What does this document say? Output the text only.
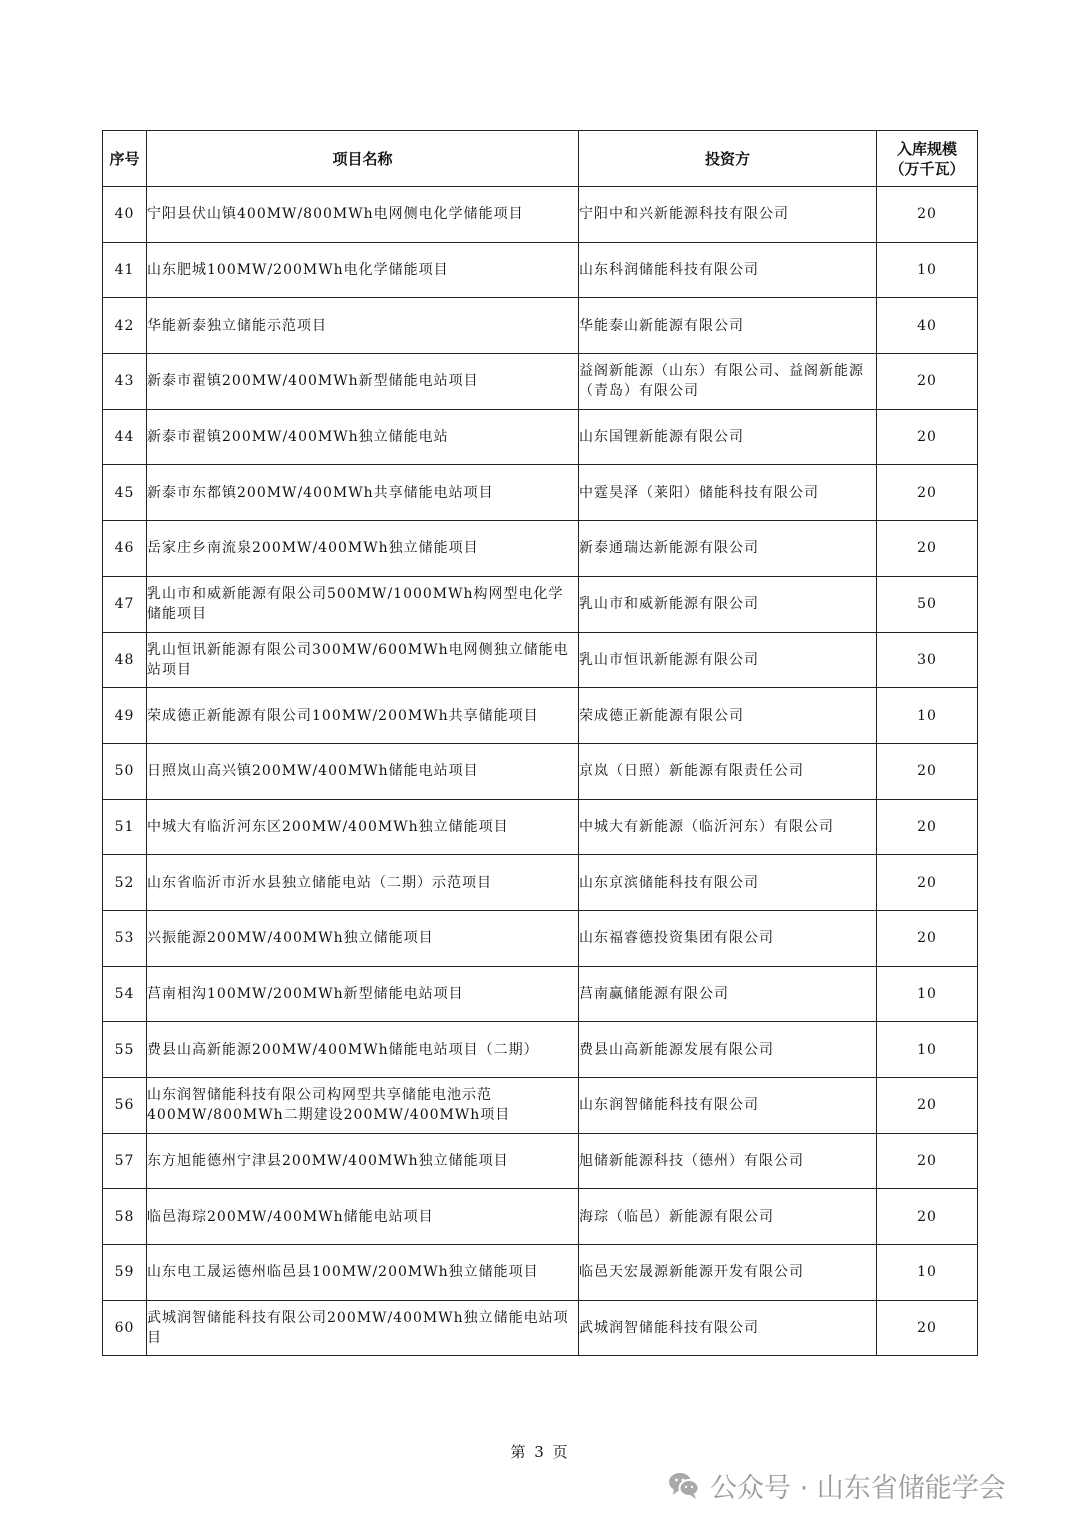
序号	项目名称	投资方	入库规模
（万千瓦）

40	宁阳县伏山镇400MW/800MWh电网侧电化学储能项目	宁阳中和兴新能源科技有限公司	20
41	山东肥城100MW/200MWh电化学储能项目	山东科润储能科技有限公司	10
42	华能新泰独立储能示范项目	华能泰山新能源有限公司	40
43	新泰市翟镇200MW/400MWh新型储能电站项目	益阁新能源（山东）有限公司、益阁新能源（青岛）有限公司	20
44	新泰市翟镇200MW/400MWh独立储能电站	山东国锂新能源有限公司	20
45	新泰市东都镇200MW/400MWh共享储能电站项目	中霆昊泽（莱阳）储能科技有限公司	20
46	岳家庄乡南流泉200MW/400MWh独立储能项目	新泰通瑞达新能源有限公司	20
47	乳山市和威新能源有限公司500MW/1000MWh构网型电化学储能项目	乳山市和威新能源有限公司	50
48	乳山恒讯新能源有限公司300MW/600MWh电网侧独立储能电站项目	乳山市恒讯新能源有限公司	30
49	荣成德正新能源有限公司100MW/200MWh共享储能项目	荣成德正新能源有限公司	10
50	日照岚山高兴镇200MW/400MWh储能电站项目	京岚（日照）新能源有限责任公司	20
51	中城大有临沂河东区200MW/400MWh独立储能项目	中城大有新能源（临沂河东）有限公司	20
52	山东省临沂市沂水县独立储能电站（二期）示范项目	山东京滨储能科技有限公司	20
53	兴振能源200MW/400MWh独立储能项目	山东福睿德投资集团有限公司	20
54	莒南相沟100MW/200MWh新型储能电站项目	莒南赢储能源有限公司	10
55	费县山高新能源200MW/400MWh储能电站项目（二期）	费县山高新能源发展有限公司	10
56	山东润智储能科技有限公司构网型共享储能电池示范400MW/800MWh二期建设200MW/400MWh项目	山东润智储能科技有限公司	20
57	东方旭能德州宁津县200MW/400MWh独立储能项目	旭储新能源科技（德州）有限公司	20
58	临邑海琮200MW/400MWh储能电站项目	海琮（临邑）新能源有限公司	20
59	山东电工晟运德州临邑县100MW/200MWh独立储能项目	临邑天宏晟源新能源开发有限公司	10
60	武城润智储能科技有限公司200MW/400MWh独立储能电站项目	武城润智储能科技有限公司	20
第 3 页
公众号 · 山东省储能学会
